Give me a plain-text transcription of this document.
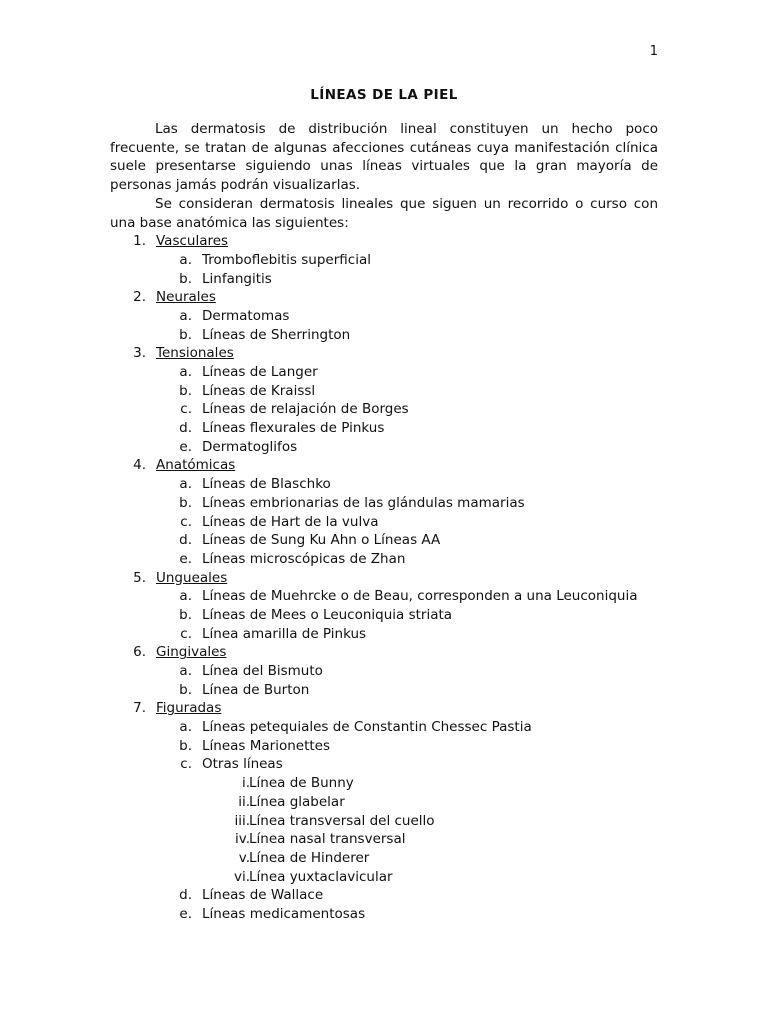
1
LÍNEAS DE LA PIEL

Las dermatosis de distribución lineal constituyen un hecho poco frecuente, se tratan de algunas afecciones cutáneas cuya manifestación clínica suele presentarse siguiendo unas líneas virtuales que la gran mayoría de personas jamás podrán visualizarlas.

Se consideran dermatosis lineales que siguen un recorrido o curso con una base anatómica las siguientes:

1. Vasculares
a. Tromboflebitis superficial
b. Linfangitis
2. Neurales
a. Dermatomas
b. Líneas de Sherrington
3. Tensionales
a. Líneas de Langer
b. Líneas de Kraissl
c. Líneas de relajación de Borges
d. Líneas flexurales de Pinkus
e. Dermatoglifos
4. Anatómicas
a. Líneas de Blaschko
b. Líneas embrionarias de las glándulas mamarias
c. Líneas de Hart de la vulva
d. Líneas de Sung Ku Ahn o Líneas AA
e. Líneas microscópicas de Zhan
5. Ungueales
a. Líneas de Muehrcke o de Beau, corresponden a una Leuconiquia
b. Líneas de Mees o Leuconiquia striata
c. Línea amarilla de Pinkus
6. Gingivales
a. Línea del Bismuto
b. Línea de Burton
7. Figuradas
a. Líneas petequiales de Constantin Chessec Pastia
b. Líneas Marionettes
c. Otras líneas
i. Línea de Bunny
ii. Línea glabelar
iii. Línea transversal del cuello
iv. Línea nasal transversal
v. Línea de Hinderer
vi. Línea yuxtaclavicular
d. Líneas de Wallace
e. Líneas medicamentosas
